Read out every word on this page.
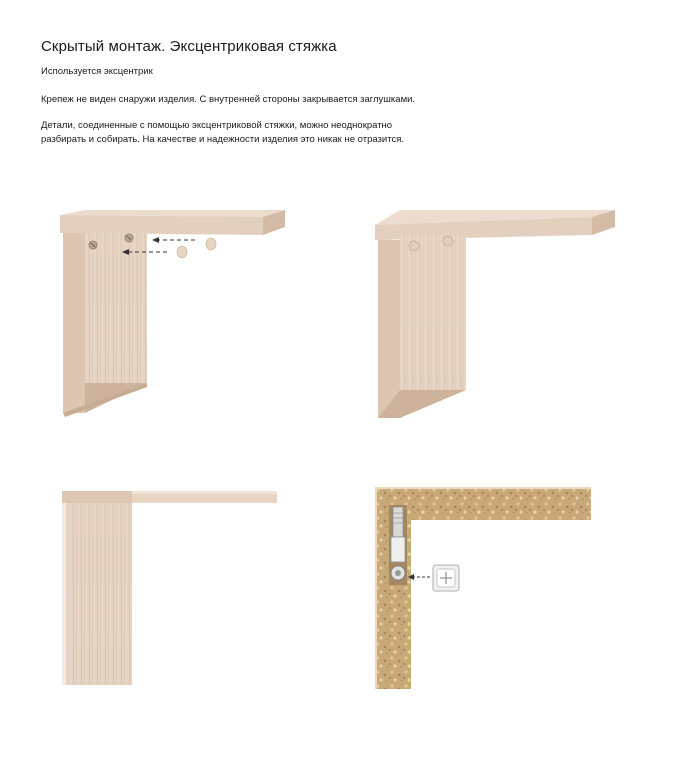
Скрытый монтаж. Эксцентриковая стяжка

Используется эксцентрик

Крепеж не виден снаружи изделия. С внутренней стороны закрывается заглушками.

Детали, соединенные с помощью эксцентриковой стяжки, можно неоднократно
разбирать и собирать. На качестве и надежности изделия это никак не отразится.
